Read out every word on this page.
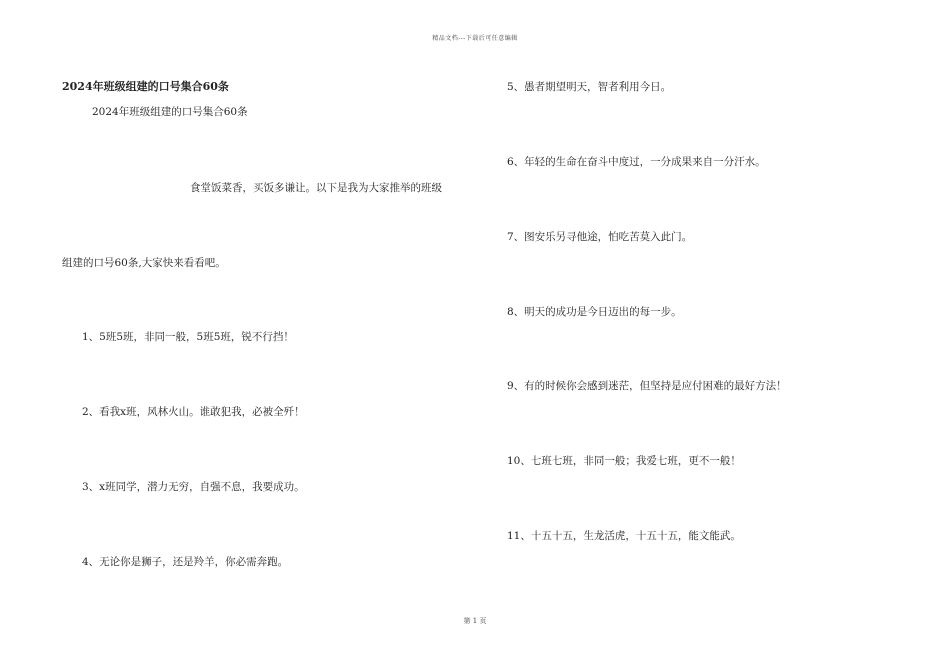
精品文档---下载后可任意编辑
2024年班级组建的口号集合60条
2024年班级组建的口号集合60条
食堂饭菜香，买饭多谦让。以下是我为大家推举的班级
组建的口号60条,大家快来看看吧。
1、5班5班，非同一般，5班5班，锐不行挡！
2、看我x班，风林火山。谁敢犯我，必被全歼！
3、x班同学，潜力无穷，自强不息，我要成功。
4、无论你是狮子，还是羚羊，你必需奔跑。
5、愚者期望明天，智者利用今日。
6、年轻的生命在奋斗中度过，一分成果来自一分汗水。
7、图安乐另寻他途，怕吃苦莫入此门。
8、明天的成功是今日迈出的每一步。
9、有的时候你会感到迷茫，但坚持是应付困难的最好方法！
10、七班七班，非同一般；我爱七班，更不一般！
11、十五十五，生龙活虎，十五十五，能文能武。
第 1 页
